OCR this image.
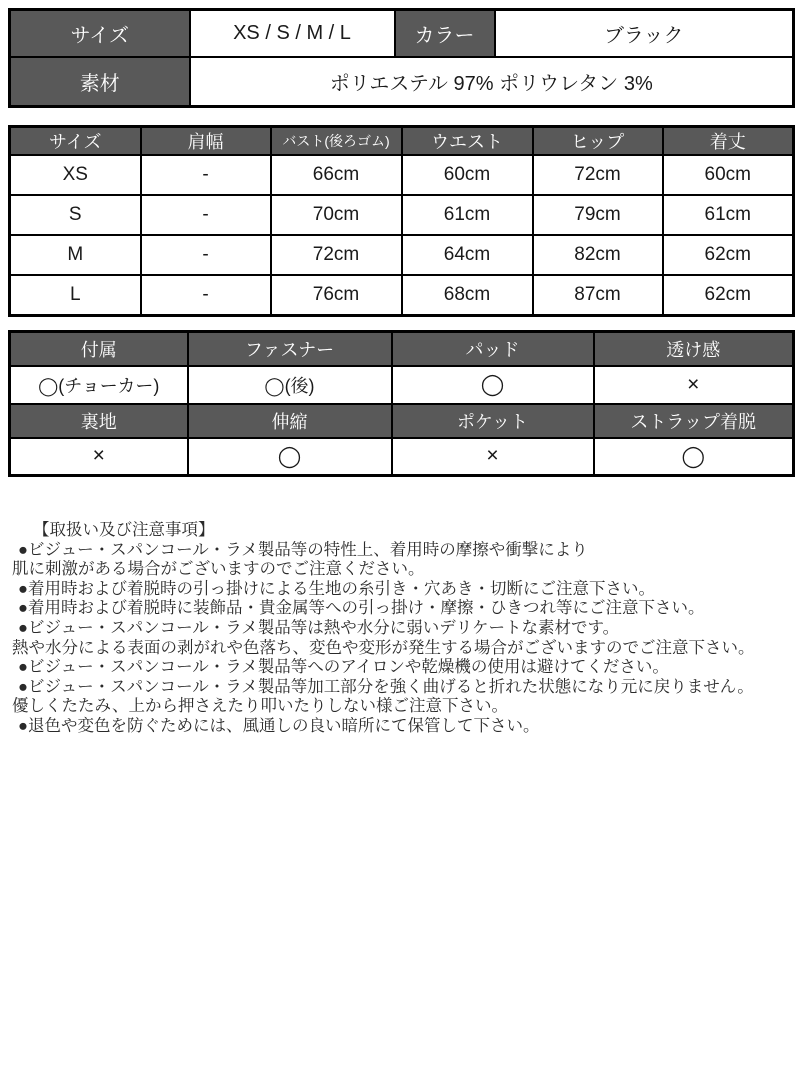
サイズ	XS / S / M / L	カラー	ブラック
素材	ポリエステル 97% ポリウレタン 3%		
サイズ	肩幅	バスト(後ろゴム)	ウエスト	ヒップ	着丈
XS	-	66cm	60cm	72cm	60cm
S	-	70cm	61cm	79cm	61cm
M	-	72cm	64cm	82cm	62cm
L	-	76cm	68cm	87cm	62cm
付属	ファスナー	パッド	透け感
◯(チョーカー)	◯(後)	◯	×
裏地	伸縮	ポケット	ストラップ着脱
×	◯	×	◯
【取扱い及び注意事項】
●ビジュー・スパンコール・ラメ製品等の特性上、着用時の摩擦や衝撃により
肌に刺激がある場合がございますのでご注意ください。
●着用時および着脱時の引っ掛けによる生地の糸引き・穴あき・切断にご注意下さい。
●着用時および着脱時に装飾品・貴金属等への引っ掛け・摩擦・ひきつれ等にご注意下さい。
●ビジュー・スパンコール・ラメ製品等は熱や水分に弱いデリケートな素材です。
熱や水分による表面の剥がれや色落ち、変色や変形が発生する場合がございますのでご注意下さい。
●ビジュー・スパンコール・ラメ製品等へのアイロンや乾燥機の使用は避けてください。
●ビジュー・スパンコール・ラメ製品等加工部分を強く曲げると折れた状態になり元に戻りません。
優しくたたみ、上から押さえたり叩いたりしない様ご注意下さい。
●退色や変色を防ぐためには、風通しの良い暗所にて保管して下さい。
